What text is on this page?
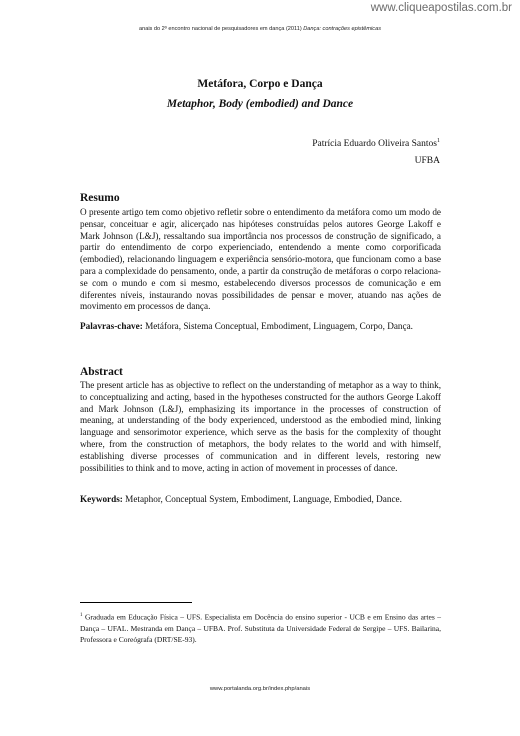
www.cliqueapostilas.com.br
anais do 2º encontro nacional de pesquisadores em dança (2011) Dança: contrações epistêmicas
Metáfora, Corpo e Dança
Metaphor, Body (embodied) and Dance
Patrícia Eduardo Oliveira Santos$^1$
UFBA
Resumo
O presente artigo tem como objetivo refletir sobre o entendimento da metáfora como um modo de pensar, conceituar e agir, alicerçado nas hipóteses construídas pelos autores George Lakoff e Mark Johnson (L&J), ressaltando sua importância nos processos de construção de significado, a partir do entendimento de corpo experienciado, entendendo a mente como corporificada (embodied), relacionando linguagem e experiência sensório-motora, que funcionam como a base para a complexidade do pensamento, onde, a partir da construção de metáforas o corpo relaciona-se com o mundo e com si mesmo, estabelecendo diversos processos de comunicação e em diferentes níveis, instaurando novas possibilidades de pensar e mover, atuando nas ações de movimento em processos de dança.
Palavras-chave: Metáfora, Sistema Conceptual, Embodiment, Linguagem, Corpo, Dança.
Abstract
The present article has as objective to reflect on the understanding of metaphor as a way to think, to conceptualizing and acting, based in the hypotheses constructed for the authors George Lakoff and Mark Johnson (L&J), emphasizing its importance in the processes of construction of meaning, at understanding of the body experienced, understood as the embodied mind, linking language and sensorimotor experience, which serve as the basis for the complexity of thought where, from the construction of metaphors, the body relates to the world and with himself, establishing diverse processes of communication and in different levels, restoring new possibilities to think and to move, acting in action of movement in processes of dance.
Keywords: Metaphor, Conceptual System, Embodiment, Language, Embodied, Dance.
$^1$ Graduada em Educação Física – UFS. Especialista em Docência do ensino superior - UCB e em Ensino das artes – Dança – UFAL. Mestranda em Dança – UFBA. Prof. Substituta da Universidade Federal de Sergipe – UFS. Bailarina, Professora e Coreógrafa (DRT/SE-93).
www.portalanda.org.br/index.php/anais
